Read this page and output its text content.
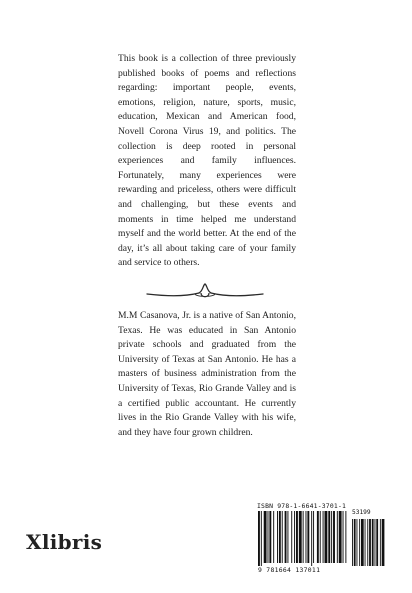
This book is a collection of three previously published books of poems and reflections regarding: important people, events, emotions, religion, nature, sports, music, education, Mexican and American food, Novell Corona Virus 19, and politics. The collection is deep rooted in personal experiences and family influences. Fortunately, many experiences were rewarding and priceless, others were difficult and challenging, but these events and moments in time helped me understand myself and the world better. At the end of the day, it’s all about taking care of your family and service to others.

M.M Casanova, Jr. is a native of San Antonio, Texas. He was educated in San Antonio private schools and graduated from the University of Texas at San Antonio. He has a masters of business administration from the University of Texas, Rio Grande Valley and is a certified public accountant. He currently lives in the Rio Grande Valley with his wife, and they have four grown children.

Xlibris
ISBN 978-1-6641-3701-1
53199
9 781664 137011
